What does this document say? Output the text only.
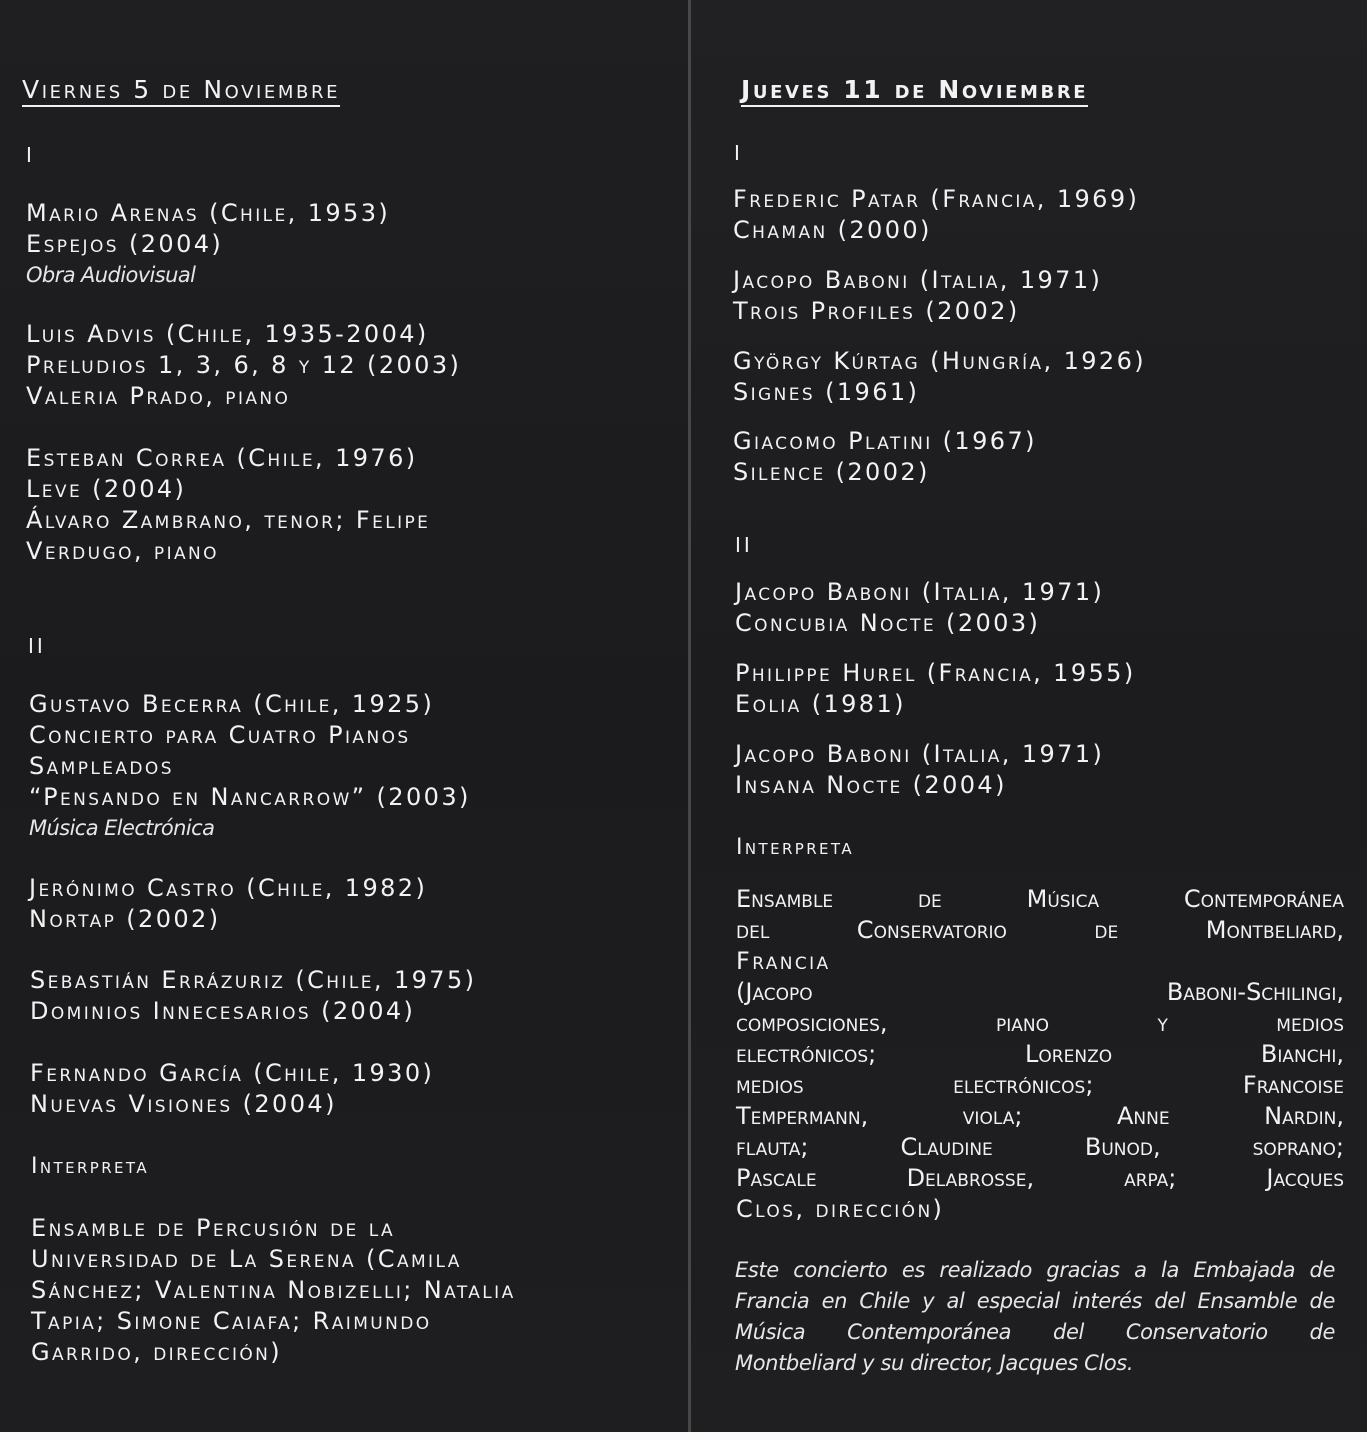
Viernes 5 de Noviembre

I

Mario Arenas (Chile, 1953)
Espejos (2004)
Obra Audiovisual
Luis Advis (Chile, 1935-2004)
Preludios 1, 3, 6, 8 y 12 (2003)
Valeria Prado, piano
Esteban Correa (Chile, 1976)
Leve (2004)
Álvaro Zambrano, tenor; Felipe
Verdugo, piano

II

Gustavo Becerra (Chile, 1925)
Concierto para Cuatro Pianos
Sampleados
“Pensando en Nancarrow” (2003)
Música Electrónica
Jerónimo Castro (Chile, 1982)
Nortap (2002)
Sebastián Errázuriz (Chile, 1975)
Dominios Innecesarios (2004)
Fernando García (Chile, 1930)
Nuevas Visiones (2004)

Interpreta

Ensamble de Percusión de la
Universidad de La Serena (Camila
Sánchez; Valentina Nobizelli; Natalia
Tapia; Simone Caiafa; Raimundo
Garrido, dirección)

Jueves 11 de Noviembre

I

Frederic Patar (Francia, 1969)
Chaman (2000)
Jacopo Baboni (Italia, 1971)
Trois Profiles (2002)
György Kúrtag (Hungría, 1926)
Signes (1961)
Giacomo Platini (1967)
Silence (2002)

II

Jacopo Baboni (Italia, 1971)
Concubia Nocte (2003)
Philippe Hurel (Francia, 1955)
Eolia (1981)
Jacopo Baboni (Italia, 1971)
Insana Nocte (2004)

Interpreta

Ensamble de Música Contemporánea
del Conservatorio de Montbeliard,
Francia
(Jacopo Baboni-Schilingi,
composiciones, piano y medios
electrónicos; Lorenzo Bianchi,
medios electrónicos; Francoise
Tempermann, viola; Anne Nardin,
flauta; Claudine Bunod, soprano;
Pascale Delabrosse, arpa; Jacques
Clos, dirección)
Este concierto es realizado gracias a la Embajada de
Francia en Chile y al especial interés del Ensamble de
Música Contemporánea del Conservatorio de
Montbeliard y su director, Jacques Clos.
